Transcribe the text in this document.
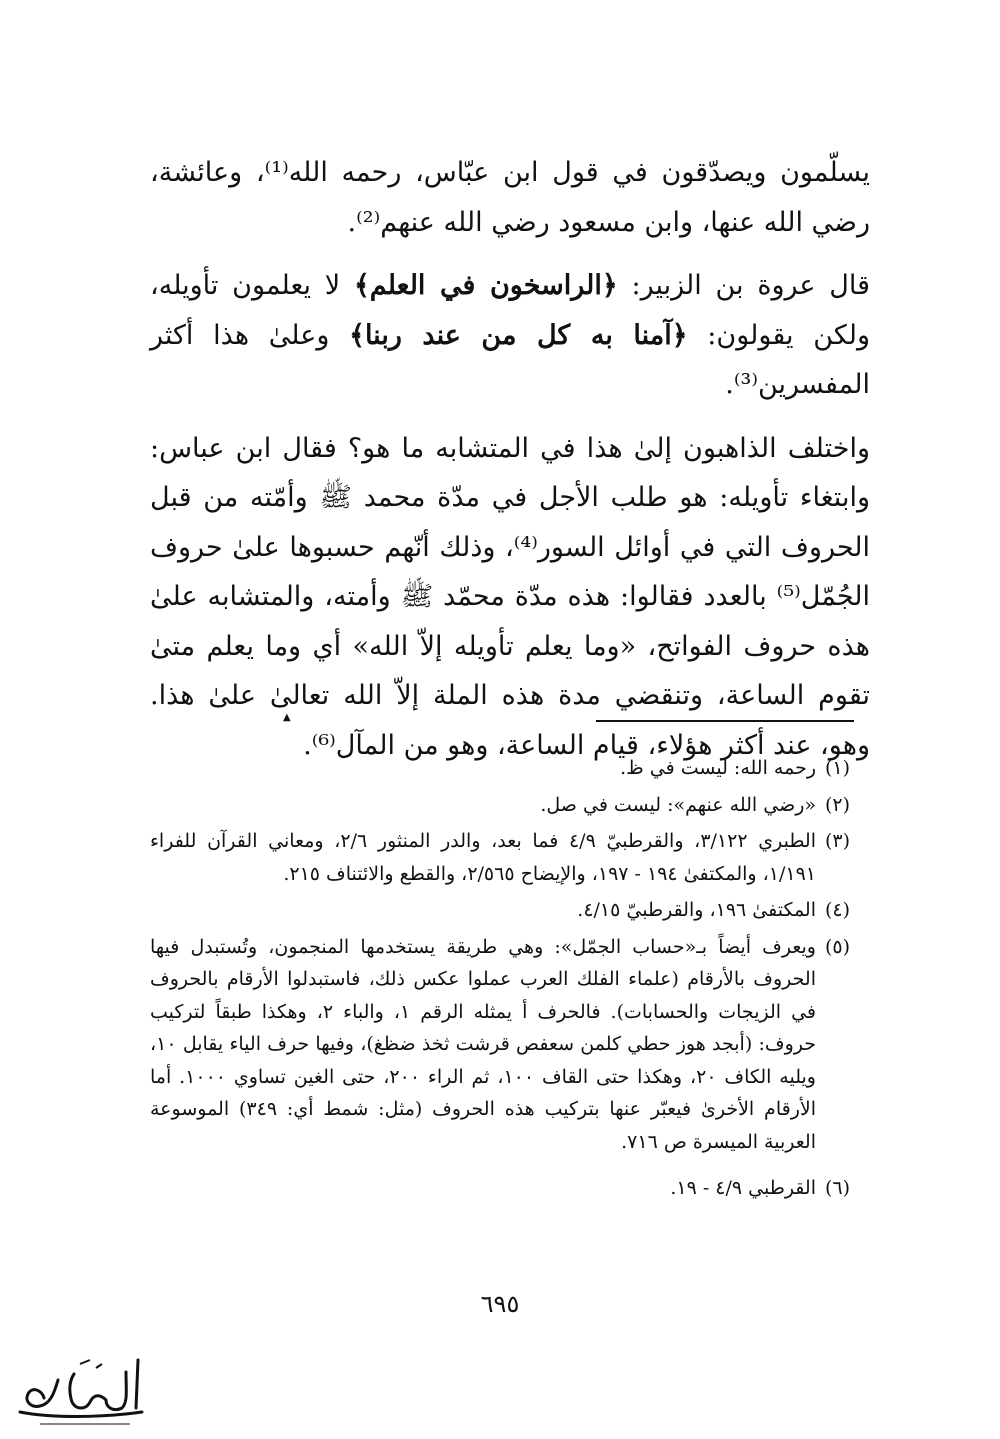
يسلّمون ويصدّقون في قول ابن عبّاس، رحمه الله⁽¹⁾، وعائشة، رضي الله عنها، وابن مسعود رضي الله عنهم⁽²⁾.

قال عروة بن الزبير: ﴿الراسخون في العلم﴾ لا يعلمون تأويله، ولكن يقولون: ﴿آمنا به كل من عند ربنا﴾ وعلىٰ هذا أكثر المفسرين⁽³⁾.

واختلف الذاهبون إلىٰ هذا في المتشابه ما هو؟ فقال ابن عباس: وابتغاء تأويله: هو طلب الأجل في مدّة محمد ﷺ وأمّته من قبل الحروف التي في أوائل السور⁽⁴⁾، وذلك أنّهم حسبوها علىٰ حروف الجُمّل⁽⁵⁾ بالعدد فقالوا: هذه مدّة محمّد ﷺ وأمته، والمتشابه علىٰ هذه حروف الفواتح، «وما يعلم تأويله إلاّ الله» أي وما يعلم متىٰ تقوم الساعة، وتنقضي مدة هذه الملة إلاّ الله تعالىٰ علىٰ هذا. وهو، عند أكثر هؤلاء، قيام الساعة، وهو من المآل⁽⁶⁾.

▲

(١)
رحمه الله: ليست في ظ.

(٢)
«رضي الله عنهم»: ليست في صل.

(٣)
الطبري ٣/١٢٢، والقرطبيّ ٤/٩ فما بعد، والدر المنثور ٢/٦، ومعاني القرآن للفراء ١/١٩١، والمكتفىٰ ١٩٤ - ١٩٧، والإيضاح ٢/٥٦٥، والقطع والائتناف ٢١٥.

(٤)
المكتفىٰ ١٩٦، والقرطبيّ ٤/١٥.

(٥)
ويعرف أيضاً بـ«حساب الجمّل»: وهي طريقة يستخدمها المنجمون، وتُستبدل فيها الحروف بالأرقام (علماء الفلك العرب عملوا عكس ذلك، فاستبدلوا الأرقام بالحروف في الزيجات والحسابات). فالحرف أ يمثله الرقم ١، والباء ٢، وهكذا طبقاً لتركيب حروف: (أبجد هوز حطي كلمن سعفص قرشت ثخذ ضظغ)، وفيها حرف الياء يقابل ١٠، ويليه الكاف ٢٠، وهكذا حتى القاف ١٠٠، ثم الراء ٢٠٠، حتى الغين تساوي ١٠٠٠. أما الأرقام الأخرىٰ فيعبّر عنها بتركيب هذه الحروف (مثل: شمط أي: ٣٤٩) الموسوعة العربية الميسرة ص ٧١٦.

(٦)
القرطبي ٤/٩ - ١٩.

٦٩٥
